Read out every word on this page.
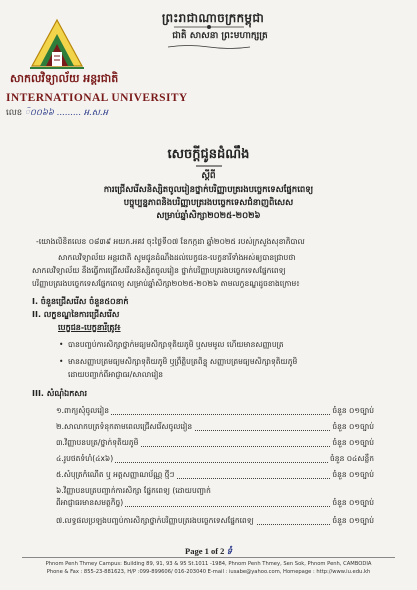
ព្រះរាជាណាចក្រកម្ពុជា
ជាតិ សាសនា ព្រះមហាក្សត្រ
សាកលវិទ្យាល័យ អន្តរជាតិ
INTERNATIONAL UNIVERSITY
លេខ ៑០០៦៦ ......... អ.ស.អ
សេចក្តីជូនដំណឹង
ស្តីពី
ការជ្រើសរើសនិស្សិតចូលរៀនថ្នាក់បរិញ្ញាបត្ររងបច្ចេកទេសផ្នែកពេទ្យ
បច្ចុប្បន្នភាពនិងបរិញ្ញាបត្ររងបច្ចេកទេសជំនាញពិសេស
សម្រាប់ឆ្នាំសិក្សា២០២៥-២០២៦
-យោងលិខិតលេខ ០៨៣៩ អយក.អគវ ចុះថ្ងៃទី០៧ ខែកក្កដា ឆ្នាំ២០២៥ របស់ក្រសួងសុខាភិបាល
សាកលវិទ្យាល័យ អន្តរជាតិ សូមជូនដំណឹងដល់បេក្ខជន-បេក្ខនារីទាំងអស់ឲ្យបានជ្រាបថា
សាកលវិទ្យាល័យ នឹងធ្វើការជ្រើសរើសនិស្សិតចូលរៀន ថ្នាក់បរិញ្ញាបត្ររងបច្ចេកទេសផ្នែកពេទ្យ
បរិញ្ញាបត្ររងបច្ចេកទេសផ្នែកពេទ្យ សម្រាប់ឆ្នាំសិក្សា២០២៥-២០២៦ តាមលក្ខខណ្ឌដូចខាងក្រោម៖
I. ចំនួនជ្រើសរើស ចំនួន៥០នាក់
II. លក្ខខណ្ឌនៃការជ្រើសរើស
បេក្ខជន-បេក្ខនារីត្រូវ៖
• បានបញ្ចប់ការសិក្សាថ្នាក់មធ្យមសិក្សាទុតិយភូមិ ឬសមមូល ហើយមានសញ្ញាបត្រ
• មានសញ្ញាបត្រមធ្យមសិក្សាទុតិយភូមិ ឬព្រឹត្តិបត្រពិន្ទុ សញ្ញាបត្រមធ្យមសិក្សាទុតិយភូមិ
ដោយបញ្ជាក់ពីអាជ្ញាធរ/សាលារៀន
III. សំណុំឯកសារ
១.ពាក្យសុំចូលរៀន	ចំនួន ០១ច្បាប់
២.សាលាកបត្រទំនុកតាមពេលជ្រើសរើសចូលរៀន	ចំនួន ០១ច្បាប់
៣.វិញ្ញាបនបត្រ/ថ្នាក់ទុតិយភូមិ	ចំនួន ០១ច្បាប់
៤.រូបថតទំហំ(៤x៦)	ចំនួន ០៤សន្លឹក
៥.សំបុត្រកំណើត ឬ អត្តសញ្ញាណប័ណ្ណ ថ្មីៗ	ចំនួន ០១ច្បាប់
៦.វិញ្ញាបនបត្របញ្ជាក់ការសិក្សា ផ្នែកពេទ្យ (ដោយបញ្ជាក់
ពីអាជ្ញាធរមានសមត្ថកិច្ច)	ចំនួន ០១ច្បាប់
៧.លទ្ធផលប្រឡងបញ្ចប់ការសិក្សាថ្នាក់បរិញ្ញាបត្ររងបច្ចេកទេសផ្នែកពេទ្យ	ចំនួន ០១ច្បាប់
Page 1 of 2 ទំ
Phnom Penh Thmey Campus: Building 89, 91, 93 & 95 St.1011 -1984, Phnom Penh Thmey, Sen Sok, Phnom Penh, CAMBODIA
Phone & Fax : 855-23-881623, H/P :099-899606/ 016-203040 E-mail : iusabe@yahoo.com, Homepage : http://www.iu.edu.kh
